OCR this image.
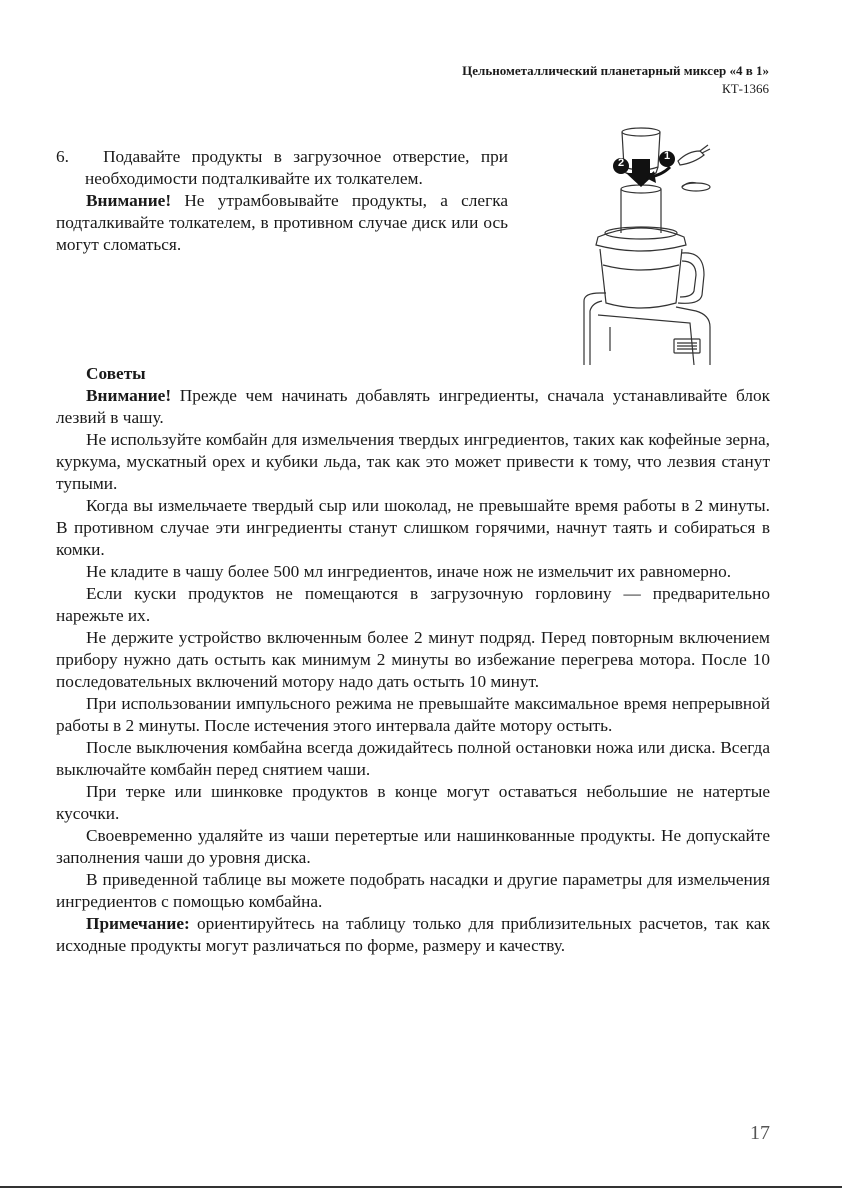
Цельнометаллический планетарный миксер «4 в 1»
КТ-1366

6. Подавайте продукты в загрузочное отверстие, при необходимости подталкивайте их толкателем.

Внимание! Не утрамбовывайте продукты, а слегка подталкивайте толкателем, в противном случае диск или ось могут сломаться.

2
1

Советы

Внимание! Прежде чем начинать добавлять ингредиенты, сначала устанавливайте блок лезвий в чашу.

Не используйте комбайн для измельчения твердых ингредиентов, таких как кофейные зерна, куркума, мускатный орех и кубики льда, так как это может привести к тому, что лезвия станут тупыми.

Когда вы измельчаете твердый сыр или шоколад, не превышайте время работы в 2 минуты. В противном случае эти ингредиенты станут слишком горячими, начнут таять и собираться в комки.

Не кладите в чашу более 500 мл ингредиентов, иначе нож не измельчит их равномерно.

Если куски продуктов не помещаются в загрузочную горловину — предварительно нарежьте их.

Не держите устройство включенным более 2 минут подряд. Перед повторным включением прибору нужно дать остыть как минимум 2 минуты во избежание перегрева мотора. После 10 последовательных включений мотору надо дать остыть 10 минут.

При использовании импульсного режима не превышайте максимальное время непрерывной работы в 2 минуты. После истечения этого интервала дайте мотору остыть.

После выключения комбайна всегда дожидайтесь полной остановки ножа или диска. Всегда выключайте комбайн перед снятием чаши.

При терке или шинковке продуктов в конце могут оставаться небольшие не натертые кусочки.

Своевременно удаляйте из чаши перетертые или нашинкованные продукты. Не допускайте заполнения чаши до уровня диска.

В приведенной таблице вы можете подобрать насадки и другие параметры для измельчения ингредиентов с помощью комбайна.

Примечание: ориентируйтесь на таблицу только для приблизительных расчетов, так как исходные продукты могут различаться по форме, размеру и качеству.

17
